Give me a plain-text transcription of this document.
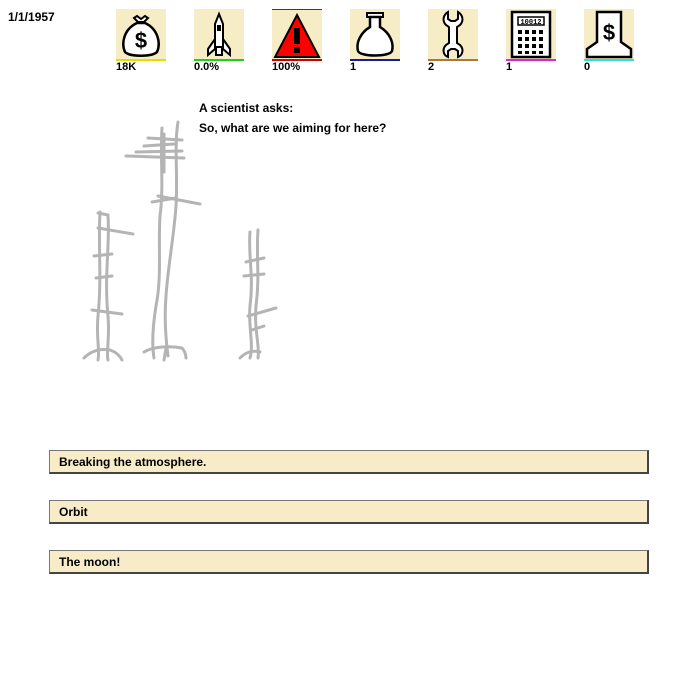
1/1/1957
$
18K	0.0%	100%	1	2
10012
1
$
0
A scientist asks:
So, what are we aiming for here?
Breaking the atmosphere.
Orbit
The moon!
